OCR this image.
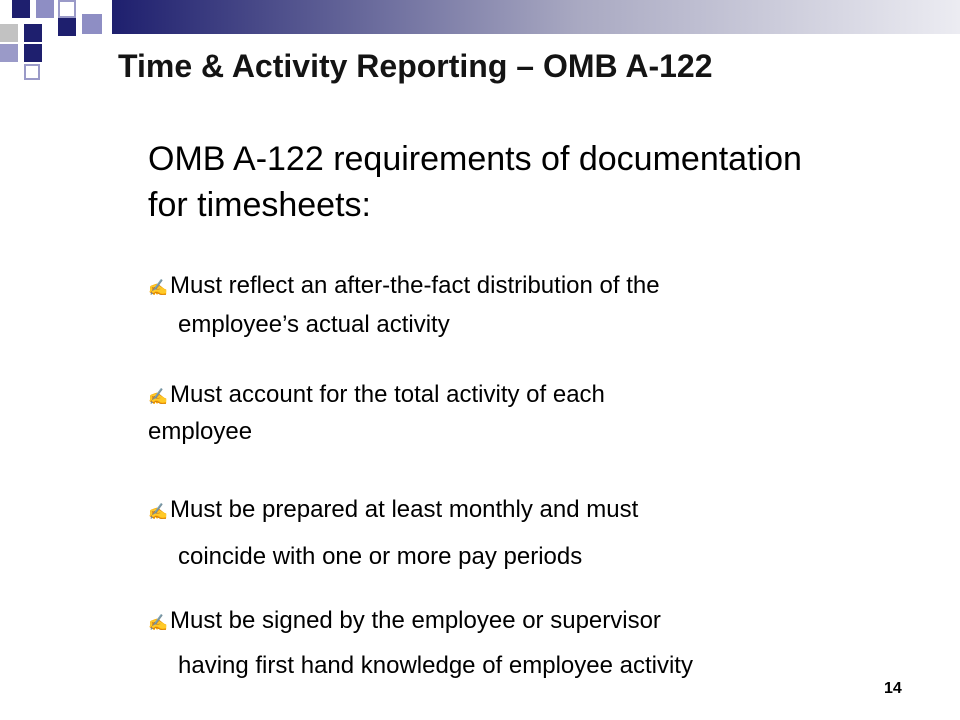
Time & Activity Reporting – OMB A-122

OMB A-122 requirements of documentation for timesheets:

✍Must reflect an after-the-fact distribution of the
employee’s actual activity
✍Must account for the total activity of each
employee
✍Must be prepared at least monthly and must
coincide with one or more pay periods
✍Must be signed by the employee or supervisor
having first hand knowledge of employee activity
14
